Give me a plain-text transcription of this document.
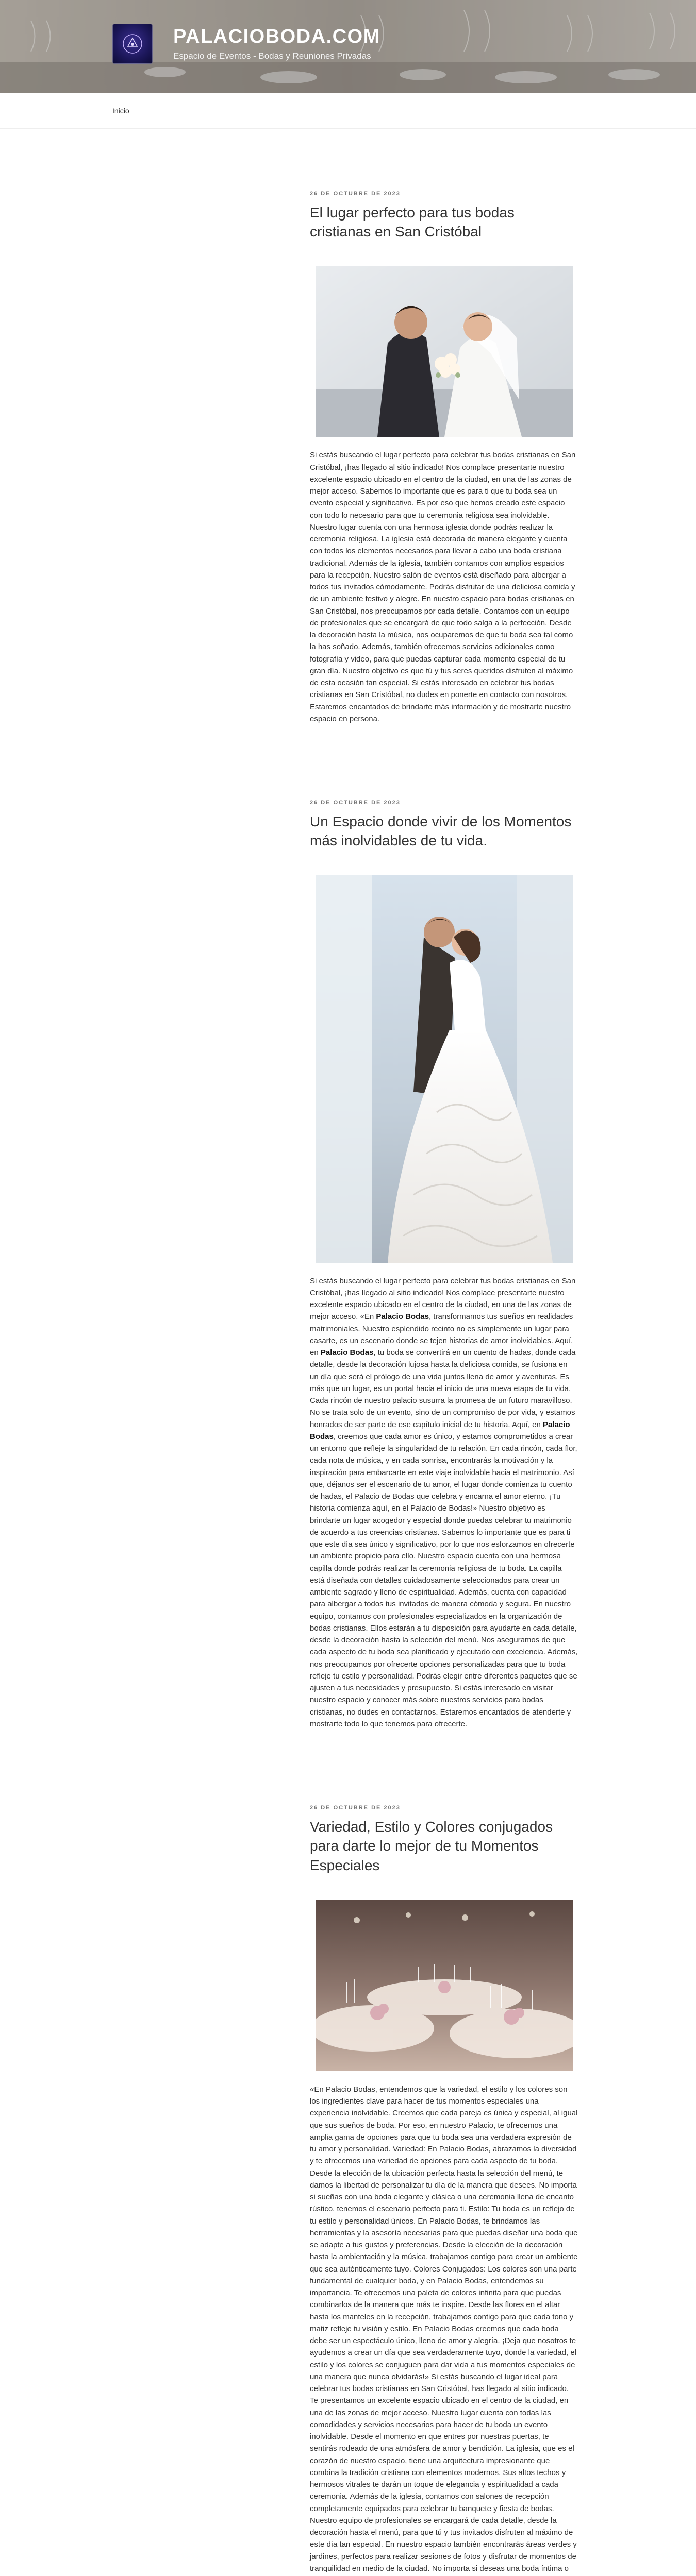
PALACIOBODA.COM
Espacio de Eventos - Bodas y Reuniones Privadas
Inicio
26 DE OCTUBRE DE 2023
El lugar perfecto para tus bodas cristianas en San Cristóbal
Si estás buscando el lugar perfecto para celebrar tus bodas cristianas en San Cristóbal, ¡has llegado al sitio indicado! Nos complace presentarte nuestro excelente espacio ubicado en el centro de la ciudad, en una de las zonas de mejor acceso. Sabemos lo importante que es para ti que tu boda sea un evento especial y significativo. Es por eso que hemos creado este espacio con todo lo necesario para que tu ceremonia religiosa sea inolvidable. Nuestro lugar cuenta con una hermosa iglesia donde podrás realizar la ceremonia religiosa. La iglesia está decorada de manera elegante y cuenta con todos los elementos necesarios para llevar a cabo una boda cristiana tradicional. Además de la iglesia, también contamos con amplios espacios para la recepción. Nuestro salón de eventos está diseñado para albergar a todos tus invitados cómodamente. Podrás disfrutar de una deliciosa comida y de un ambiente festivo y alegre. En nuestro espacio para bodas cristianas en San Cristóbal, nos preocupamos por cada detalle. Contamos con un equipo de profesionales que se encargará de que todo salga a la perfección. Desde la decoración hasta la música, nos ocuparemos de que tu boda sea tal como la has soñado. Además, también ofrecemos servicios adicionales como fotografía y video, para que puedas capturar cada momento especial de tu gran día. Nuestro objetivo es que tú y tus seres queridos disfruten al máximo de esta ocasión tan especial. Si estás interesado en celebrar tus bodas cristianas en San Cristóbal, no dudes en ponerte en contacto con nosotros. Estaremos encantados de brindarte más información y de mostrarte nuestro espacio en persona.
26 DE OCTUBRE DE 2023
Un Espacio donde vivir de los Momentos más inolvidables de tu vida.
Si estás buscando el lugar perfecto para celebrar tus bodas cristianas en San Cristóbal, ¡has llegado al sitio indicado! Nos complace presentarte nuestro excelente espacio ubicado en el centro de la ciudad, en una de las zonas de mejor acceso. «En Palacio Bodas, transformamos tus sueños en realidades matrimoniales. Nuestro esplendido recinto no es simplemente un lugar para casarte, es un escenario donde se tejen historias de amor inolvidables. Aquí, en Palacio Bodas, tu boda se convertirá en un cuento de hadas, donde cada detalle, desde la decoración lujosa hasta la deliciosa comida, se fusiona en un día que será el prólogo de una vida juntos llena de amor y aventuras. Es más que un lugar, es un portal hacia el inicio de una nueva etapa de tu vida. Cada rincón de nuestro palacio susurra la promesa de un futuro maravilloso. No se trata solo de un evento, sino de un compromiso de por vida, y estamos honrados de ser parte de ese capítulo inicial de tu historia. Aquí, en Palacio Bodas, creemos que cada amor es único, y estamos comprometidos a crear un entorno que refleje la singularidad de tu relación. En cada rincón, cada flor, cada nota de música, y en cada sonrisa, encontrarás la motivación y la inspiración para embarcarte en este viaje inolvidable hacia el matrimonio. Así que, déjanos ser el escenario de tu amor, el lugar donde comienza tu cuento de hadas, el Palacio de Bodas que celebra y encarna el amor eterno. ¡Tu historia comienza aquí, en el Palacio de Bodas!» Nuestro objetivo es brindarte un lugar acogedor y especial donde puedas celebrar tu matrimonio de acuerdo a tus creencias cristianas. Sabemos lo importante que es para ti que este día sea único y significativo, por lo que nos esforzamos en ofrecerte un ambiente propicio para ello. Nuestro espacio cuenta con una hermosa capilla donde podrás realizar la ceremonia religiosa de tu boda. La capilla está diseñada con detalles cuidadosamente seleccionados para crear un ambiente sagrado y lleno de espiritualidad. Además, cuenta con capacidad para albergar a todos tus invitados de manera cómoda y segura. En nuestro equipo, contamos con profesionales especializados en la organización de bodas cristianas. Ellos estarán a tu disposición para ayudarte en cada detalle, desde la decoración hasta la selección del menú. Nos aseguramos de que cada aspecto de tu boda sea planificado y ejecutado con excelencia. Además, nos preocupamos por ofrecerte opciones personalizadas para que tu boda refleje tu estilo y personalidad. Podrás elegir entre diferentes paquetes que se ajusten a tus necesidades y presupuesto. Si estás interesado en visitar nuestro espacio y conocer más sobre nuestros servicios para bodas cristianas, no dudes en contactarnos. Estaremos encantados de atenderte y mostrarte todo lo que tenemos para ofrecerte.
26 DE OCTUBRE DE 2023
Variedad, Estilo y Colores conjugados para darte lo mejor de tu Momentos Especiales
«En Palacio Bodas, entendemos que la variedad, el estilo y los colores son los ingredientes clave para hacer de tus momentos especiales una experiencia inolvidable. Creemos que cada pareja es única y especial, al igual que sus sueños de boda. Por eso, en nuestro Palacio, te ofrecemos una amplia gama de opciones para que tu boda sea una verdadera expresión de tu amor y personalidad. Variedad: En Palacio Bodas, abrazamos la diversidad y te ofrecemos una variedad de opciones para cada aspecto de tu boda. Desde la elección de la ubicación perfecta hasta la selección del menú, te damos la libertad de personalizar tu día de la manera que desees. No importa si sueñas con una boda elegante y clásica o una ceremonia llena de encanto rústico, tenemos el escenario perfecto para ti. Estilo: Tu boda es un reflejo de tu estilo y personalidad únicos. En Palacio Bodas, te brindamos las herramientas y la asesoría necesarias para que puedas diseñar una boda que se adapte a tus gustos y preferencias. Desde la elección de la decoración hasta la ambientación y la música, trabajamos contigo para crear un ambiente que sea auténticamente tuyo. Colores Conjugados: Los colores son una parte fundamental de cualquier boda, y en Palacio Bodas, entendemos su importancia. Te ofrecemos una paleta de colores infinita para que puedas combinarlos de la manera que más te inspire. Desde las flores en el altar hasta los manteles en la recepción, trabajamos contigo para que cada tono y matiz refleje tu visión y estilo. En Palacio Bodas creemos que cada boda debe ser un espectáculo único, lleno de amor y alegría. ¡Deja que nosotros te ayudemos a crear un día que sea verdaderamente tuyo, donde la variedad, el estilo y los colores se conjuguen para dar vida a tus momentos especiales de una manera que nunca olvidarás!» Si estás buscando el lugar ideal para celebrar tus bodas cristianas en San Cristóbal, has llegado al sitio indicado. Te presentamos un excelente espacio ubicado en el centro de la ciudad, en una de las zonas de mejor acceso. Nuestro lugar cuenta con todas las comodidades y servicios necesarios para hacer de tu boda un evento inolvidable. Desde el momento en que entres por nuestras puertas, te sentirás rodeado de una atmósfera de amor y bendición. La iglesia, que es el corazón de nuestro espacio, tiene una arquitectura impresionante que combina la tradición cristiana con elementos modernos. Sus altos techos y hermosos vitrales te darán un toque de elegancia y espiritualidad a cada ceremonia. Además de la iglesia, contamos con salones de recepción completamente equipados para celebrar tu banquete y fiesta de bodas. Nuestro equipo de profesionales se encargará de cada detalle, desde la decoración hasta el menú, para que tú y tus invitados disfruten al máximo de este día tan especial. En nuestro espacio también encontrarás áreas verdes y jardines, perfectos para realizar sesiones de fotos y disfrutar de momentos de tranquilidad en medio de la ciudad. No importa si deseas una boda íntima o
